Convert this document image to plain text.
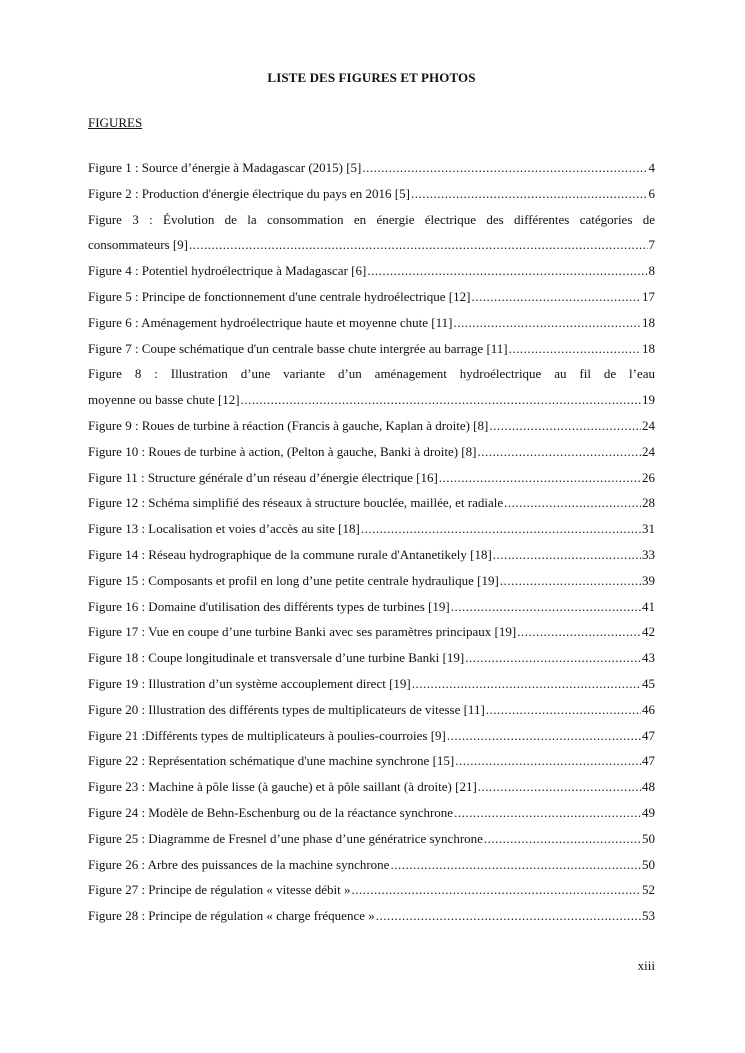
LISTE DES FIGURES ET PHOTOS
FIGURES
Figure 1 : Source d’énergie à Madagascar (2015) [5] .....	4
Figure 2 : Production d'énergie électrique du pays en 2016 [5] .....	6
Figure 3 : Évolution de la consommation en énergie électrique des différentes catégories de
consommateurs [9] .....	7
Figure 4 : Potentiel hydroélectrique à Madagascar [6] .....	8
Figure 5 : Principe de fonctionnement d'une centrale hydroélectrique [12] .....	17
Figure 6 : Aménagement hydroélectrique haute et moyenne chute [11] .....	18
Figure 7 : Coupe schématique d'un centrale basse chute intergrée au barrage [11] .....	18
Figure 8 : Illustration d’une variante d’un aménagement hydroélectrique au fil de l’eau
moyenne ou basse chute [12] .....	19
Figure 9 : Roues de turbine à réaction (Francis à gauche, Kaplan à droite) [8] .....	24
Figure 10 : Roues de turbine à action, (Pelton à gauche, Banki à droite) [8] .....	24
Figure 11 : Structure générale d’un réseau d’énergie électrique [16] .....	26
Figure 12 : Schéma simplifié des réseaux à structure bouclée, maillée, et radiale .....	28
Figure 13 : Localisation et voies d’accès au site [18] .....	31
Figure 14 : Réseau hydrographique de la commune rurale d'Antanetikely [18] .....	33
Figure 15 : Composants et profil en long d’une petite centrale hydraulique [19] .....	39
Figure 16 : Domaine d'utilisation des différents types de turbines [19] .....	41
Figure 17 : Vue en coupe d’une turbine Banki avec ses paramètres principaux [19] .....	42
Figure 18 : Coupe longitudinale et transversale d’une turbine Banki [19] .....	43
Figure 19 : Illustration d’un système accouplement direct [19] .....	45
Figure 20 : Illustration des différents types de multiplicateurs de vitesse [11] .....	46
Figure 21 :Différents types de multiplicateurs à poulies-courroies [9] .....	47
Figure 22 : Représentation schématique d'une machine synchrone [15] .....	47
Figure 23 : Machine à pôle lisse (à gauche) et à pôle saillant (à droite) [21] .....	48
Figure 24 : Modèle de Behn-Eschenburg ou de la réactance synchrone .....	49
Figure 25 : Diagramme de Fresnel d’une phase d’une génératrice synchrone .....	50
Figure 26 : Arbre des puissances de la machine synchrone .....	50
Figure 27 : Principe de régulation « vitesse débit » .....	52
Figure 28 : Principe de régulation « charge fréquence » .....	53
xiii
